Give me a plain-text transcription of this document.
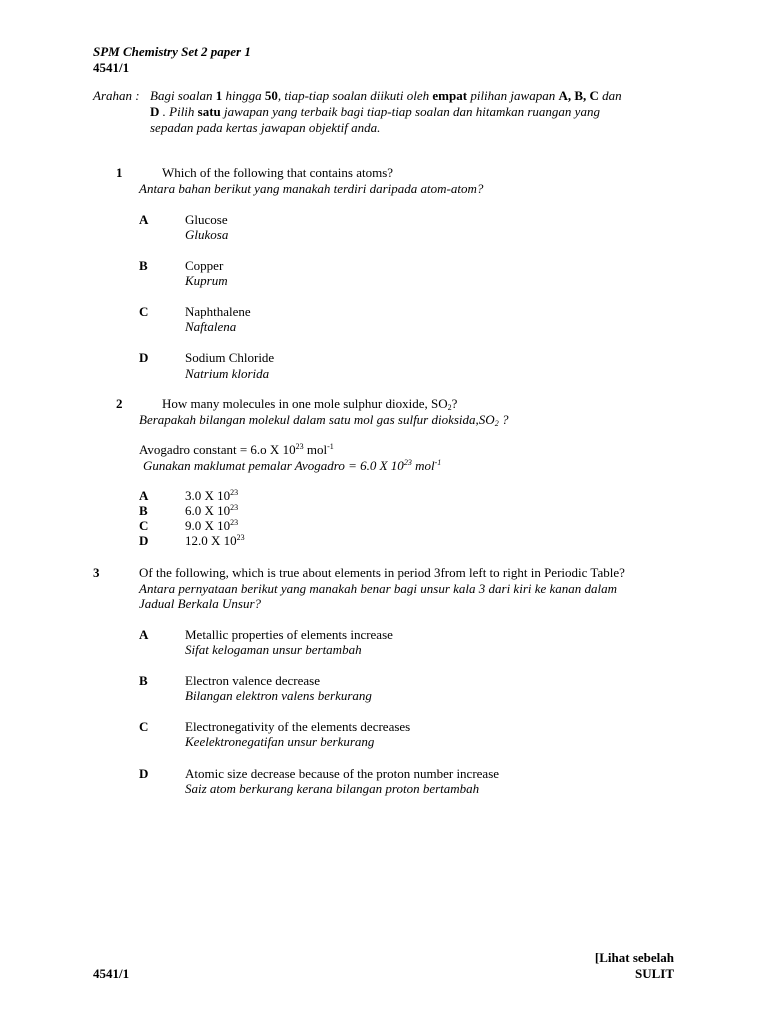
SPM Chemistry Set 2 paper 1
4541/1
Arahan : Bagi soalan 1 hingga 50, tiap-tiap soalan diikuti oleh empat pilihan jawapan A, B, C dan
D . Pilih satu jawapan yang terbaik bagi tiap-tiap soalan dan hitamkan ruangan yang
sepadan pada kertas jawapan objektif anda.
1	Which of the following that contains atoms?
Antara bahan berikut yang manakah terdiri daripada atom-atom?
A	Glucose
Glukosa
B	Copper
Kuprum
C	Naphthalene
Naftalena
D	Sodium Chloride
Natrium klorida
2	How many molecules in one mole sulphur dioxide, $SO_2$?
Berapakah bilangan molekul dalam satu mol gas sulfur $dioksida,SO_2$ ?
Avogadro constant = 6.o X $10^{23}$ mol$^{-1}$
Gunakan maklumat pemalar Avogadro = 6.0 X $10^{23}$ mol$^{-1}$
A	3.0 X $10^{23}$
B	6.0 X $10^{23}$
C	9.0 X $10^{23}$
D	12.0 X $10^{23}$
3	Of the following, which is true about elements in period 3from left to right in Periodic Table?
Antara pernyataan berikut yang manakah benar bagi unsur kala 3 dari kiri ke kanan dalam
Jadual Berkala Unsur?
A	Metallic properties of elements increase
Sifat kelogaman unsur bertambah
B	Electron valence decrease
Bilangan elektron valens berkurang
C	Electronegativity of the elements decreases
Keelektronegatifan unsur berkurang
D	Atomic size decrease because of the proton number increase
Saiz atom berkurang kerana bilangan proton bertambah
[Lihat sebelah
4541/1	SULIT
